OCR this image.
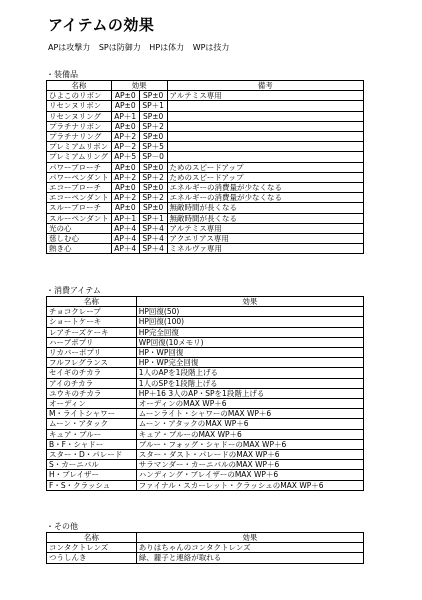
アイテムの効果
APは攻撃力 SPは防御力 HPは体力 WPは技力
・装備品
名称	効果		備考
ひよこのリボン	AP±0	SP±0	アルテミス専用
リセンヌリボン	AP±0	SP＋1	
リセンヌリング	AP＋1	SP±0	
プラチナリボン	AP±0	SP＋2	
プラチナリング	AP＋2	SP±0	
プレミアムリボン	AP－2	SP＋5	
プレミアムリング	AP＋5	SP－0	
パワーブローチ	AP±0	SP±0	ためのスピードアップ
パワーペンダント	AP＋2	SP＋2	ためのスピードアップ
エコーブローチ	AP±0	SP±0	エネルギーの消費量が少なくなる
エコーペンダント	AP＋2	SP＋2	エネルギーの消費量が少なくなる
スルーブローチ	AP±0	SP±0	無敵時間が長くなる
スルーペンダント	AP＋1	SP＋1	無敵時間が長くなる
光の心	AP＋4	SP＋4	アルテミス専用
慈しむ心	AP＋4	SP＋4	アクエリアス専用
熱き心	AP＋4	SP＋4	ミネルヴァ専用
・消費アイテム
名称	効果
チョコクレープ	HP回復(50)
ショートケーキ	HP回復(100)
レアチーズケーキ	HP完全回復
ハーブポプリ	WP回復(10メモリ)
リカバーポプリ	HP・WP回復
フルフレグランス	HP・WP完全回復
セイギのチカラ	1人のAPを1段階上げる
アイのチカラ	1人のSPを1段階上げる
ユウキのチカラ	HP＋16 3人のAP・SPを1段階上げる
オーディン	オーディンのMAX WP＋6
M・ライトシャワー	ムーンライト・シャワーのMAX WP＋6
ムーン・アタック	ムーン・アタックのMAX WP＋6
キュア・ブルー	キュア・ブルーのMAX WP＋6
B・F・シャドー	ブルー・フォッグ・シャドーのMAX WP＋6
スター・D・パレード	スター・ダスト・パレードのMAX WP＋6
S・カーニバル	サラマンダー・カーニバルのMAX WP＋6
H・ブレイザー	ハンディング・ブレイザーのMAX WP＋6
F・S・クラッシュ	ファイナル・スカーレット・クラッシュのMAX WP＋6
・その他
名称	効果
コンタクトレンズ	ありはちゃんのコンタクトレンズ
つうしんき	緑、麗子と連絡が取れる
